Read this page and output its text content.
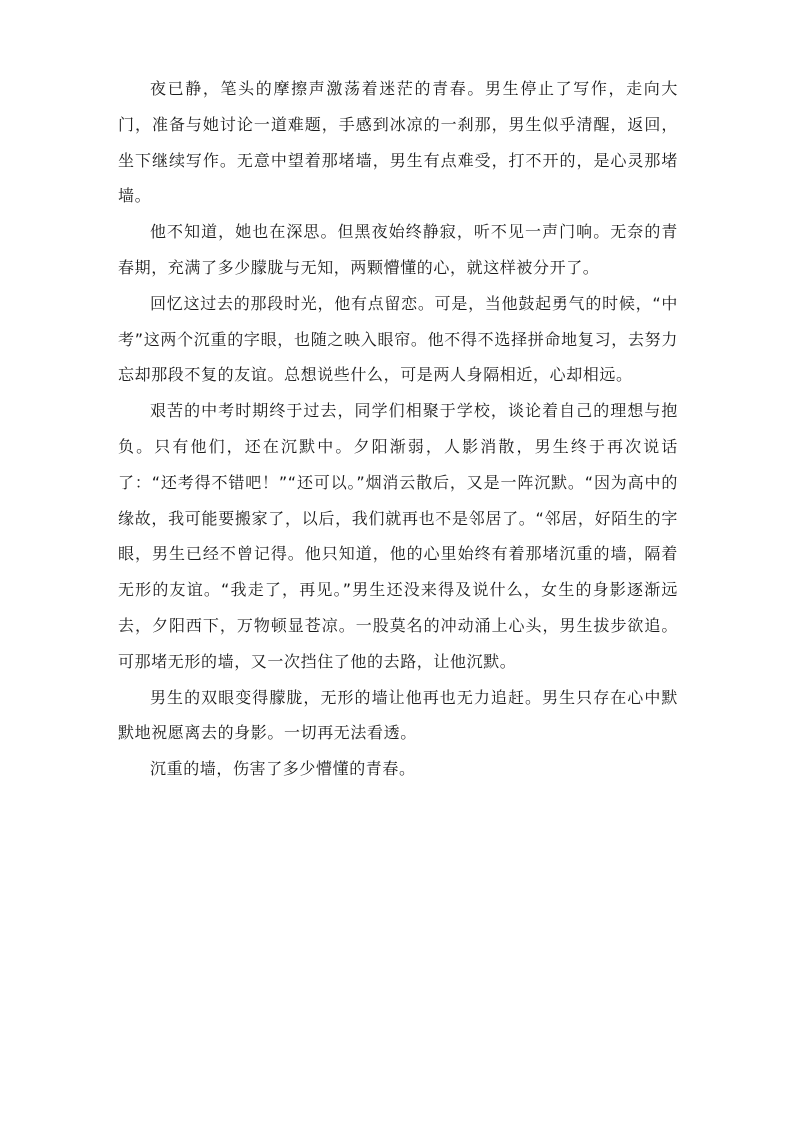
夜已静，笔头的摩擦声激荡着迷茫的青春。男生停止了写作，走向大门，准备与她讨论一道难题，手感到冰凉的一刹那，男生似乎清醒，返回，坐下继续写作。无意中望着那堵墙，男生有点难受，打不开的，是心灵那堵墙。

他不知道，她也在深思。但黑夜始终静寂，听不见一声门响。无奈的青春期，充满了多少朦胧与无知，两颗懵懂的心，就这样被分开了。

回忆这过去的那段时光，他有点留恋。可是，当他鼓起勇气的时候，“中考”这两个沉重的字眼，也随之映入眼帘。他不得不选择拼命地复习，去努力忘却那段不复的友谊。总想说些什么，可是两人身隔相近，心却相远。

艰苦的中考时期终于过去，同学们相聚于学校，谈论着自己的理想与抱负。只有他们，还在沉默中。夕阳渐弱，人影消散，男生终于再次说话了：“还考得不错吧！”“还可以。”烟消云散后，又是一阵沉默。“因为高中的缘故，我可能要搬家了，以后，我们就再也不是邻居了。“邻居，好陌生的字眼，男生已经不曾记得。他只知道，他的心里始终有着那堵沉重的墙，隔着无形的友谊。“我走了，再见。”男生还没来得及说什么，女生的身影逐渐远去，夕阳西下，万物顿显苍凉。一股莫名的冲动涌上心头，男生拔步欲追。可那堵无形的墙，又一次挡住了他的去路，让他沉默。

男生的双眼变得朦胧，无形的墙让他再也无力追赶。男生只存在心中默默地祝愿离去的身影。一切再无法看透。

沉重的墙，伤害了多少懵懂的青春。
